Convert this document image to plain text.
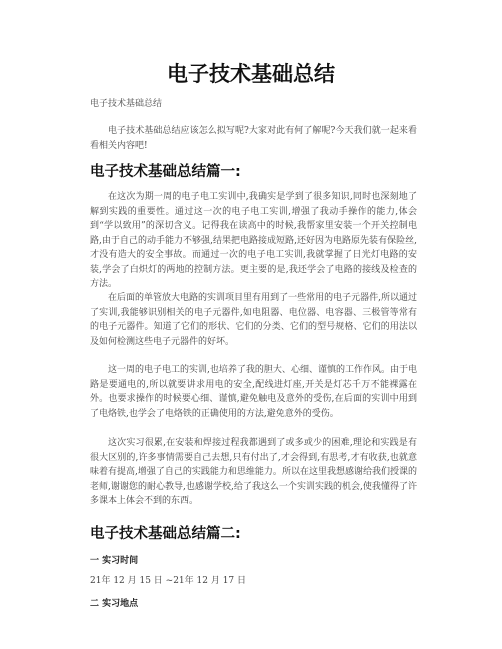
电子技术基础总结
电子技术基础总结
电子技术基础总结应该怎么拟写呢?大家对此有何了解呢?今天我们就一起来看看相关内容吧!
电子技术基础总结篇一:
在这次为期一周的电子电工实训中,我确实是学到了很多知识,同时也深刻地了解到实践的重要性。通过这一次的电子电工实训,增强了我动手操作的能力,体会到“学以致用”的深切含义。记得我在读高中的时候,我帮家里安装一个开关控制电路,由于自己的动手能力不够强,结果把电路接成短路,还好因为电路原先装有保险丝,才没有造大的安全事故。而通过一次的电子电工实训,我就掌握了日光灯电路的安装,学会了白炽灯的两地的控制方法。更主要的是,我还学会了电路的接线及检查的方法。
在后面的单管放大电路的实训项目里有用到了一些常用的电子元器件,所以通过了实训,我能够识别相关的电子元器件,如电阻器、电位器、电容器、三极管等常有的电子元器件。知道了它们的形状、它们的分类、它们的型号规格、它们的用法以及如何检测这些电子元器件的好坏。
这一周的电子电工的实训,也培养了我的胆大、心细、谨慎的工作作风。由于电路是要通电的,所以就要讲求用电的安全,配线进灯座,开关是灯芯千万不能裸露在外。也要求操作的时候要心细、谨慎,避免触电及意外的受伤,在后面的实训中用到了电烙铁,也学会了电烙铁的正确使用的方法,避免意外的受伤。
这次实习很累,在安装和焊接过程我都遇到了或多或少的困难,理论和实践是有很大区别的,许多事情需要自己去想,只有付出了,才会得到,有思考,才有收获,也就意味着有提高,增强了自己的实践能力和思维能力。所以在这里我想感谢给我们授课的老师,谢谢您的耐心教导,也感谢学校,给了我这么一个实训实践的机会,使我懂得了许多课本上体会不到的东西。
电子技术基础总结篇二:
一 实习时间
21年 12 月 15 日 ~21年 12 月 17 日
二 实习地点
